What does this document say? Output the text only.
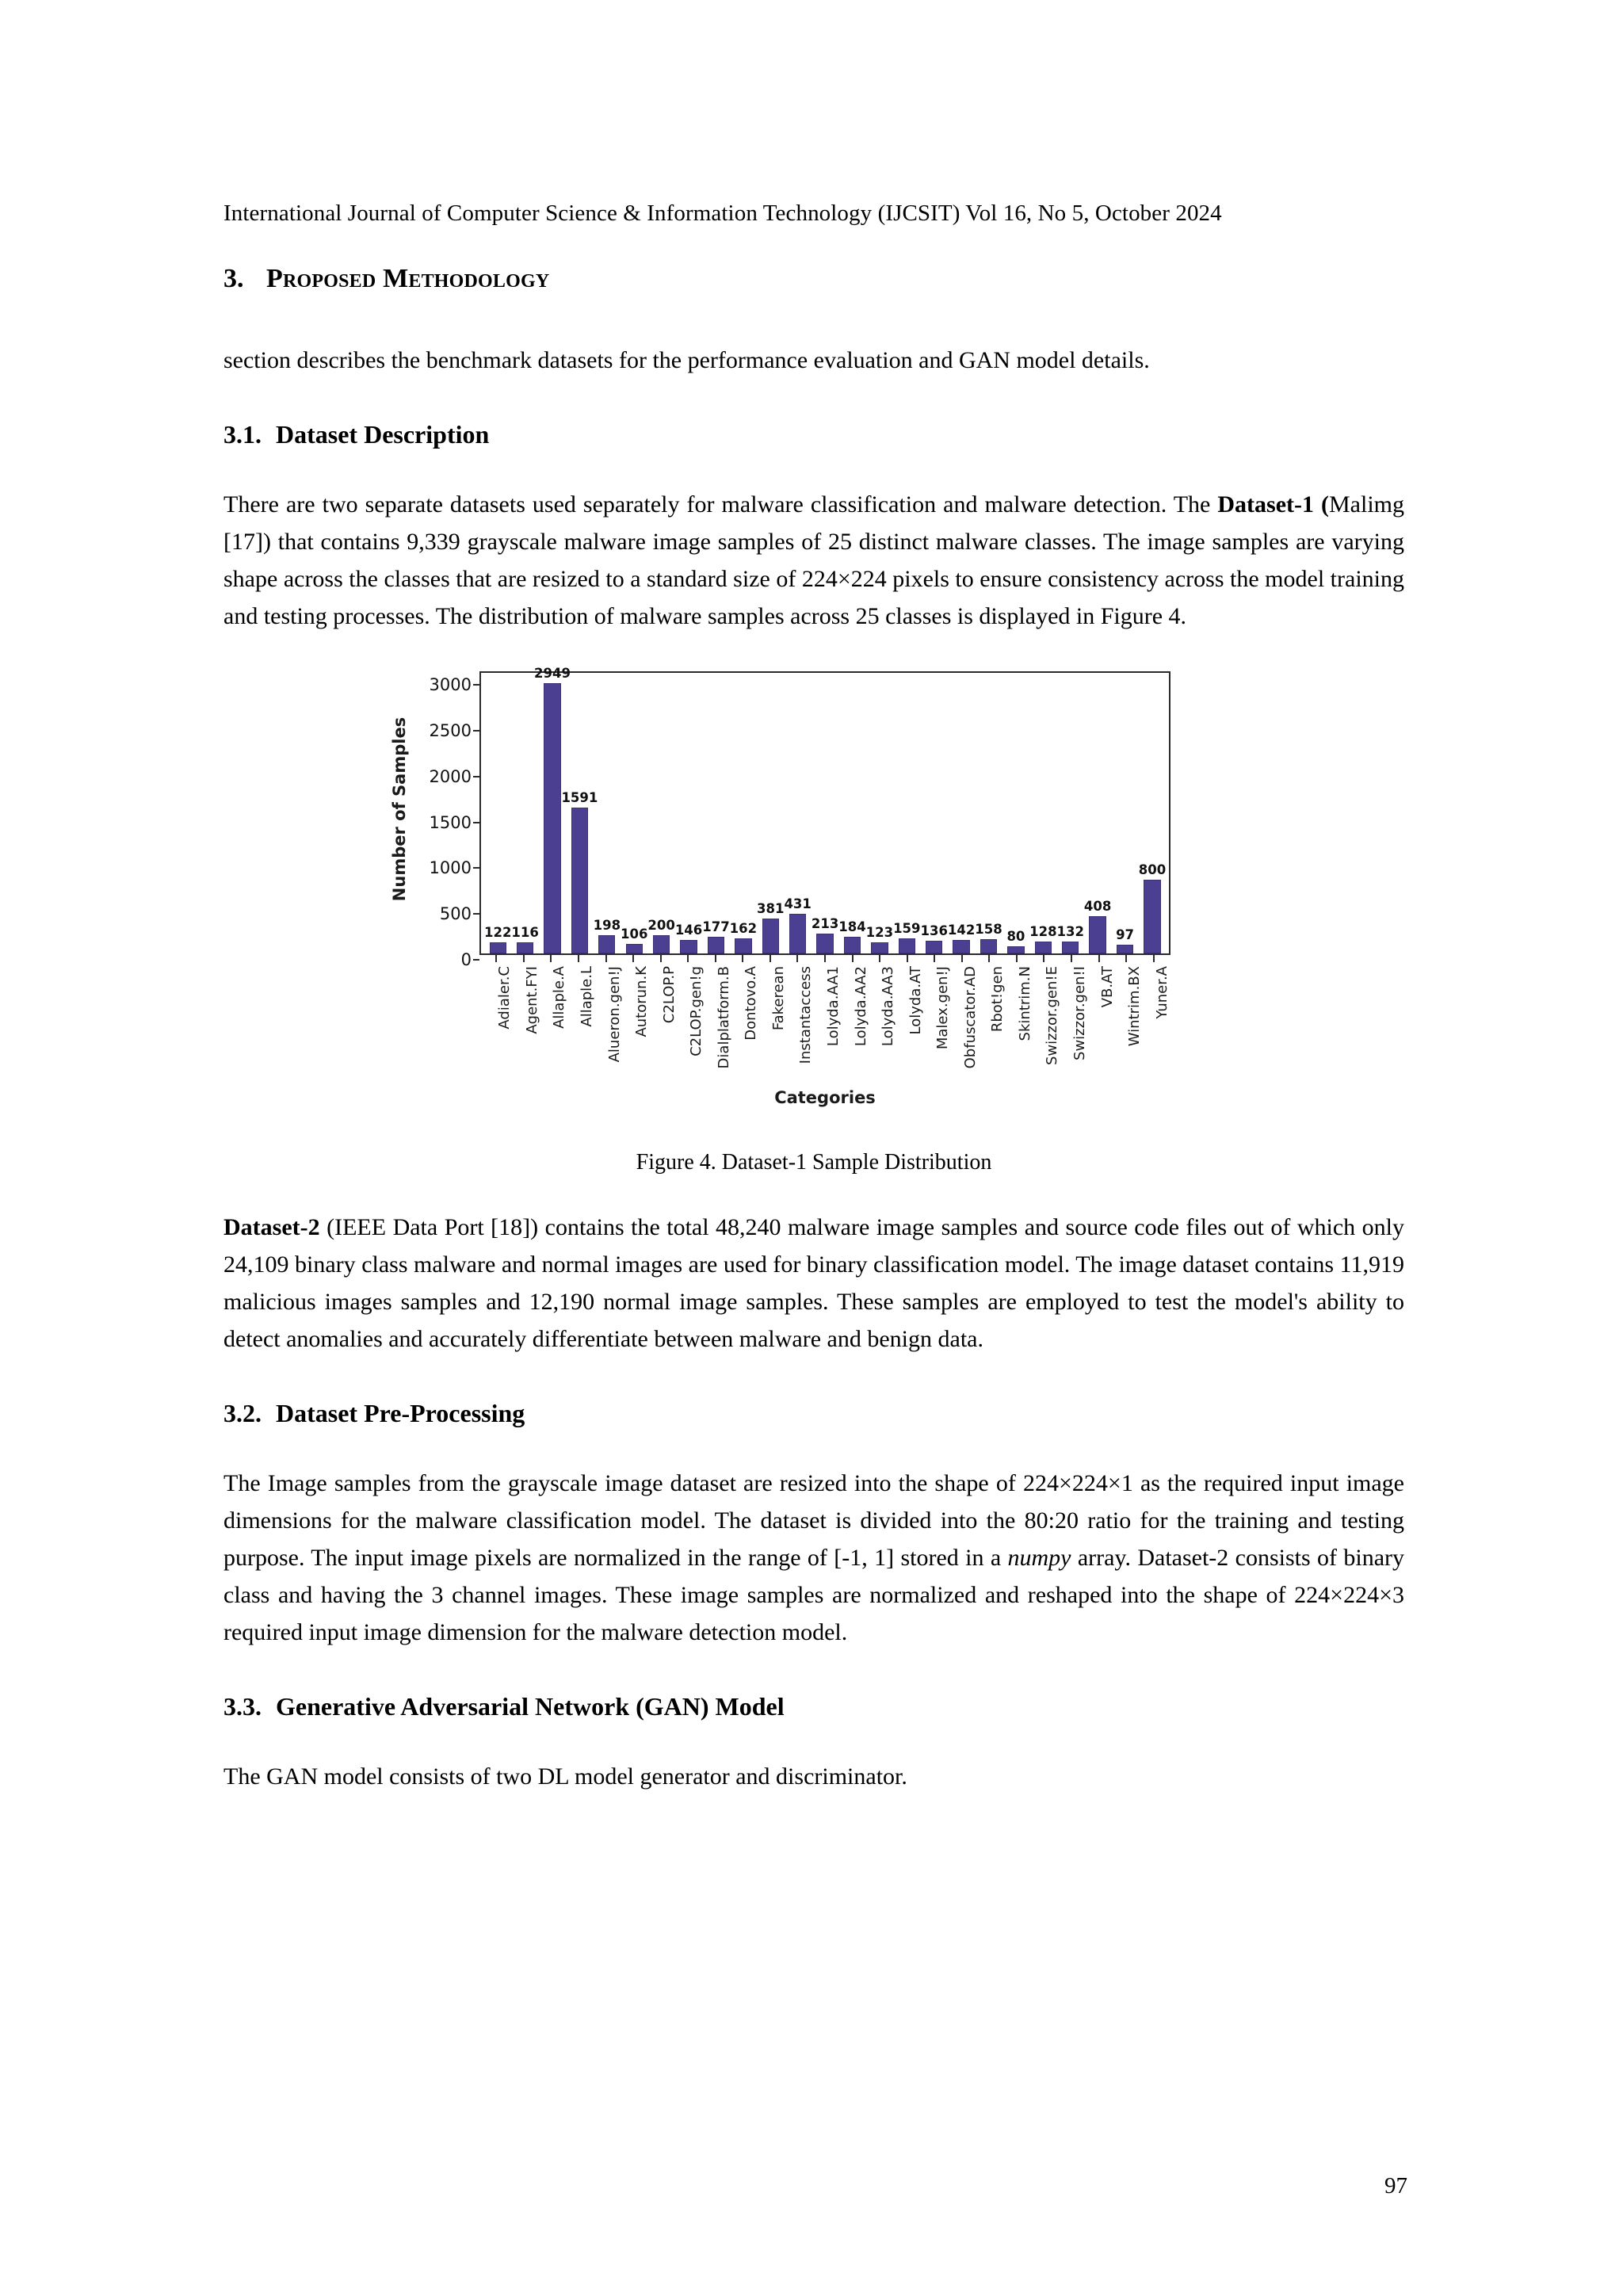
International Journal of Computer Science & Information Technology (IJCSIT) Vol 16, No 5, October 2024
3. Proposed Methodology

section describes the benchmark datasets for the performance evaluation and GAN model details.

3.1. Dataset Description

There are two separate datasets used separately for malware classification and malware detection. The Dataset-1 (Malimg [17]) that contains 9,339 grayscale malware image samples of 25 distinct malware classes. The image samples are varying shape across the classes that are resized to a standard size of 224×224 pixels to ensure consistency across the model training and testing processes. The distribution of malware samples across 25 classes is displayed in Figure 4.

Number of Samples
0
500
1000
1500
2000
2500
3000
122 116
2949
1591
198
106
200 146 177 162
381 431
213 184 123 159 136 142 158 80 128 132
408
97
800
Adialer.C Agent.FYI Allaple.A Allaple.L Alueron.gen!J Autorun.K C2LOP.P C2LOP.gen!g Dialplatform.B Dontovo.A Fakerean Instantaccess Lolyda.AA1 Lolyda.AA2 Lolyda.AA3 Lolyda.AT Malex.gen!J Obfuscator.AD Rbot!gen Skintrim.N Swizzor.gen!E Swizzor.gen!I VB.AT Wintrim.BX Yuner.A
Categories
Figure 4. Dataset-1 Sample Distribution

Dataset-2 (IEEE Data Port [18]) contains the total 48,240 malware image samples and source code files out of which only 24,109 binary class malware and normal images are used for binary classification model. The image dataset contains 11,919 malicious images samples and 12,190 normal image samples. These samples are employed to test the model's ability to detect anomalies and accurately differentiate between malware and benign data.

3.2. Dataset Pre-Processing

The Image samples from the grayscale image dataset are resized into the shape of 224×224×1 as the required input image dimensions for the malware classification model. The dataset is divided into the 80:20 ratio for the training and testing purpose. The input image pixels are normalized in the range of [-1, 1] stored in a numpy array. Dataset-2 consists of binary class and having the 3 channel images. These image samples are normalized and reshaped into the shape of 224×224×3 required input image dimension for the malware detection model.

3.3. Generative Adversarial Network (GAN) Model

The GAN model consists of two DL model generator and discriminator.

97
